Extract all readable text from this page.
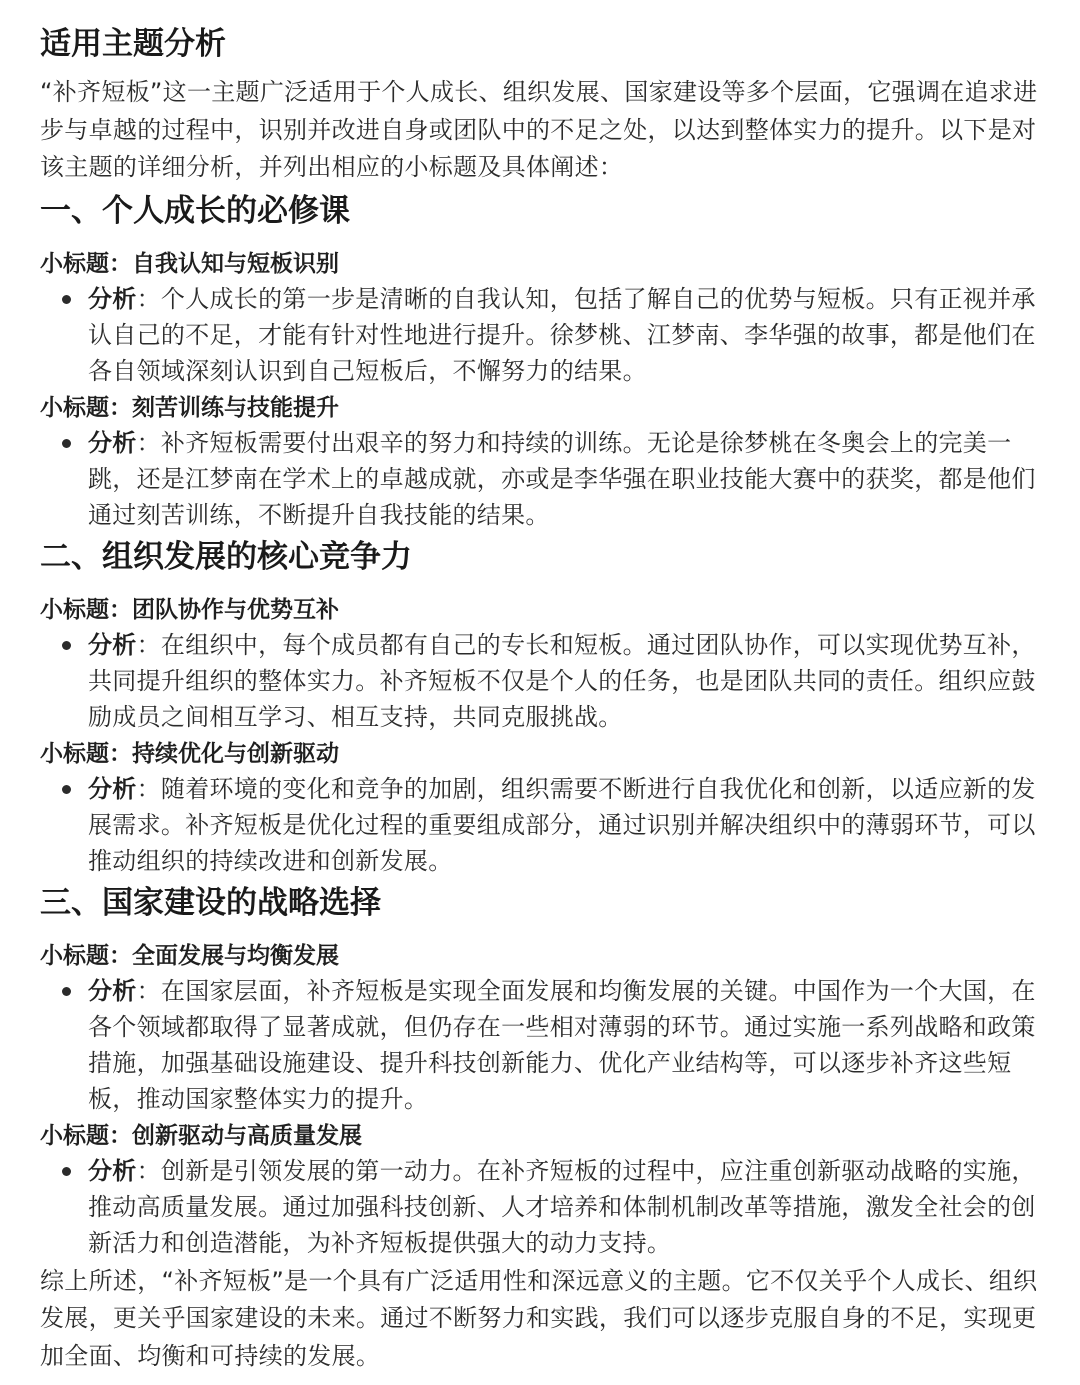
适用主题分析

“补齐短板”这一主题广泛适用于个人成长、组织发展、国家建设等多个层面，它强调在追求进步与卓越的过程中，识别并改进自身或团队中的不足之处，以达到整体实力的提升。以下是对该主题的详细分析，并列出相应的小标题及具体阐述：

一、个人成长的必修课
小标题：自我认知与短板识别

分析：个人成长的第一步是清晰的自我认知，包括了解自己的优势与短板。只有正视并承认自己的不足，才能有针对性地进行提升。徐梦桃、江梦南、李华强的故事，都是他们在各自领域深刻认识到自己短板后，不懈努力的结果。

小标题：刻苦训练与技能提升

分析：补齐短板需要付出艰辛的努力和持续的训练。无论是徐梦桃在冬奥会上的完美一跳，还是江梦南在学术上的卓越成就，亦或是李华强在职业技能大赛中的获奖，都是他们通过刻苦训练，不断提升自我技能的结果。

二、组织发展的核心竞争力
小标题：团队协作与优势互补

分析：在组织中，每个成员都有自己的专长和短板。通过团队协作，可以实现优势互补，共同提升组织的整体实力。补齐短板不仅是个人的任务，也是团队共同的责任。组织应鼓励成员之间相互学习、相互支持，共同克服挑战。

小标题：持续优化与创新驱动

分析：随着环境的变化和竞争的加剧，组织需要不断进行自我优化和创新，以适应新的发展需求。补齐短板是优化过程的重要组成部分，通过识别并解决组织中的薄弱环节，可以推动组织的持续改进和创新发展。

三、国家建设的战略选择
小标题：全面发展与均衡发展

分析：在国家层面，补齐短板是实现全面发展和均衡发展的关键。中国作为一个大国，在各个领域都取得了显著成就，但仍存在一些相对薄弱的环节。通过实施一系列战略和政策措施，加强基础设施建设、提升科技创新能力、优化产业结构等，可以逐步补齐这些短板，推动国家整体实力的提升。

小标题：创新驱动与高质量发展

分析：创新是引领发展的第一动力。在补齐短板的过程中，应注重创新驱动战略的实施，推动高质量发展。通过加强科技创新、人才培养和体制机制改革等措施，激发全社会的创新活力和创造潜能，为补齐短板提供强大的动力支持。

综上所述，“补齐短板”是一个具有广泛适用性和深远意义的主题。它不仅关乎个人成长、组织发展，更关乎国家建设的未来。通过不断努力和实践，我们可以逐步克服自身的不足，实现更加全面、均衡和可持续的发展。
